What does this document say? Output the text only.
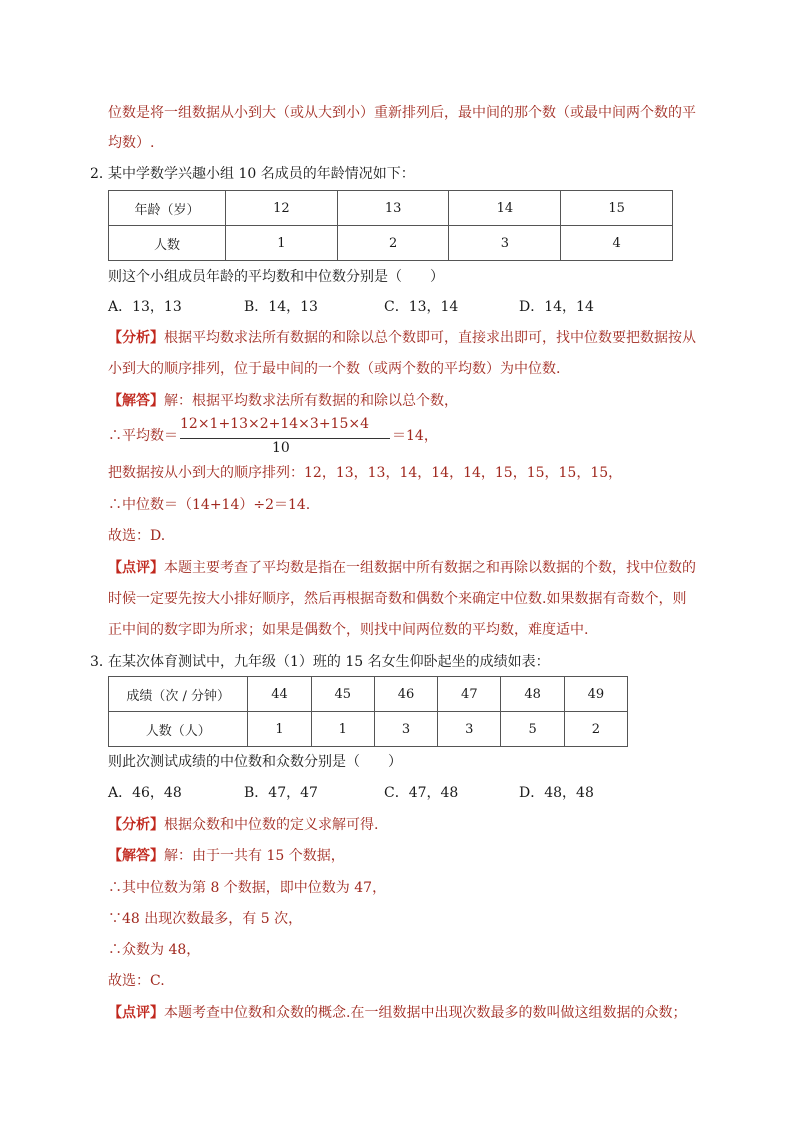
位数是将一组数据从小到大（或从大到小）重新排列后，最中间的那个数（或最中间两个数的平
均数）.
2．
某中学数学兴趣小组 10 名成员的年龄情况如下：
年龄（岁）	12	13	14	15
人数	1	2	3	4
则这个小组成员年龄的平均数和中位数分别是（　　）
A．13，13	B．14，13	C．13，14	D．14，14
【分析】根据平均数求法所有数据的和除以总个数即可，直接求出即可，找中位数要把数据按从
小到大的顺序排列，位于最中间的一个数（或两个数的平均数）为中位数.
【解答】解：根据平均数求法所有数据的和除以总个数，
∴平均数＝
12×1+13×2+14×3+15×4
10
＝14，
把数据按从小到大的顺序排列：12，13，13，14，14，14，15，15，15，15，
∴中位数＝（14+14）÷2＝14.
故选：D.
【点评】本题主要考查了平均数是指在一组数据中所有数据之和再除以数据的个数，找中位数的
时候一定要先按大小排好顺序，然后再根据奇数和偶数个来确定中位数.如果数据有奇数个，则
正中间的数字即为所求；如果是偶数个，则找中间两位数的平均数，难度适中.
3．
在某次体育测试中，九年级（1）班的 15 名女生仰卧起坐的成绩如表：
成绩（次 / 分钟）	44	45	46	47	48	49
人数（人）	1	1	3	3	5	2
则此次测试成绩的中位数和众数分别是（　　）
A．46，48	B．47，47	C．47，48	D．48，48
【分析】根据众数和中位数的定义求解可得.
【解答】解：由于一共有 15 个数据，
∴其中位数为第 8 个数据，即中位数为 47，
∵48 出现次数最多，有 5 次，
∴众数为 48，
故选：C.
【点评】本题考查中位数和众数的概念.在一组数据中出现次数最多的数叫做这组数据的众数；
